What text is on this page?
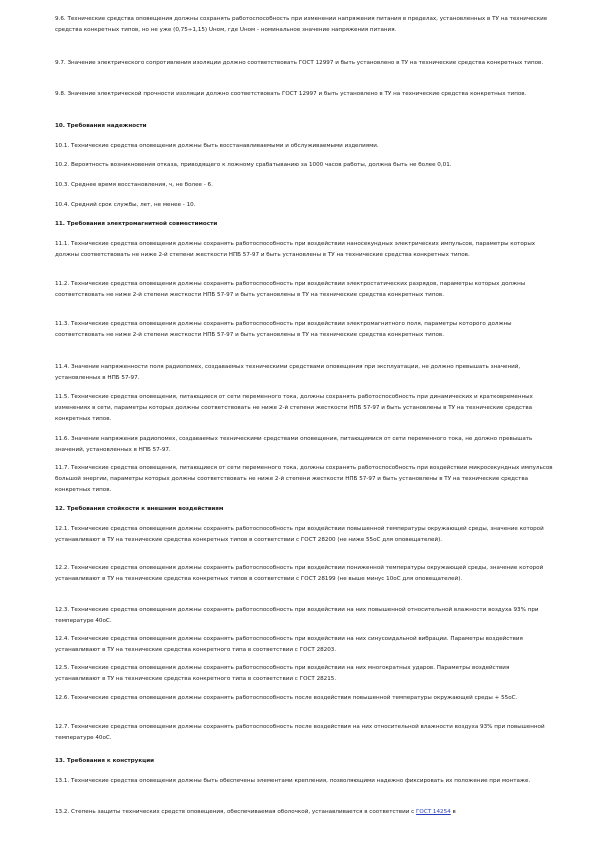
9.6. Технические средства оповещения должны сохранять работоспособность при изменении напряжения питания в пределах, установленных в ТУ на технические средства конкретных типов, но не уже (0,75÷1,15) Uном, где Uном - номинальное значение напряжения питания.
9.7. Значение электрического сопротивления изоляции должно соответствовать ГОСТ 12997 и быть установлено в ТУ на технические средства конкретных типов.
9.8. Значение электрической прочности изоляции должно соответствовать ГОСТ 12997 и быть установлено в ТУ на технические средства конкретных типов.
10. Требования надежности
10.1. Технические средства оповещения должны быть восстанавливаемыми и обслуживаемыми изделиями.
10.2. Вероятность возникновения отказа, приводящего к ложному срабатыванию за 1000 часов работы, должна быть не более 0,01.
10.3. Среднее время восстановления, ч, не более - 6.
10.4. Средний срок службы, лет, не менее - 10.
11. Требования электромагнитной совместимости
11.1. Технические средства оповещения должны сохранять работоспособность при воздействии наносекундных электрических импульсов, параметры которых должны соответствовать не ниже 2-й степени жесткости НПБ 57-97 и быть установлены в ТУ на технические средства конкретных типов.
11.2. Технические средства оповещения должны сохранять работоспособность при воздействии электростатических разрядов, параметры которых должны соответствовать не ниже 2-й степени жесткости НПБ 57-97 и быть установлены в ТУ на технические средства конкретных типов.
11.3. Технические средства оповещения должны сохранять работоспособность при воздействии электромагнитного поля, параметры которого должны соответствовать не ниже 2-й степени жесткости НПБ 57-97 и быть установлены в ТУ на технические средства конкретных типов.
11.4. Значение напряженности поля радиопомех, создаваемых техническими средствами оповещения при эксплуатации, не должно превышать значений, установленных в НПБ 57-97.
11.5. Технические средства оповещения, питающиеся от сети переменного тока, должны сохранять работоспособность при динамических и кратковременных изменениях в сети, параметры которых должны соответствовать не ниже 2-й степени жесткости НПБ 57-97 и быть установлены в ТУ на технические средства конкретных типов.
11.6. Значение напряжения радиопомех, создаваемых техническими средствами оповещения, питающимися от сети переменного тока, не должно превышать значений, установленных в НПБ 57-97.
11.7. Технические средства оповещения, питающиеся от сети переменного тока, должны сохранять работоспособность при воздействии микросекундных импульсов большой энергии, параметры которых должны соответствовать не ниже 2-й степени жесткости НПБ 57-97 и быть установлены в ТУ на технические средства конкретных типов.
12. Требования стойкости к внешним воздействиям
12.1. Технические средства оповещения должны сохранять работоспособность при воздействии повышенной температуры окружающей среды, значение которой устанавливают в ТУ на технические средства конкретных типов в соответствии с ГОСТ 28200 (не ниже 55oC для оповещателей).
12.2. Технические средства оповещения должны сохранять работоспособность при воздействии пониженной температуры окружающей среды, значение которой устанавливают в ТУ на технические средства конкретных типов в соответствии с ГОСТ 28199 (не выше минус 10oC для оповещателей).
12.3. Технические средства оповещения должны сохранять работоспособность при воздействии на них повышенной относительной влажности воздуха 93% при температуре 40oC.
12.4. Технические средства оповещения должны сохранять работоспособность при воздействии на них синусоидальной вибрации. Параметры воздействия устанавливают в ТУ на технические средства конкретного типа в соответствии с ГОСТ 28203.
12.5. Технические средства оповещения должны сохранять работоспособность при воздействии на них многократных ударов. Параметры воздействия устанавливают в ТУ на технические средства конкретного типа в соответствии с ГОСТ 28215.
12.6. Технические средства оповещения должны сохранять работоспособность после воздействия повышенной температуры окружающей среды + 55oC.
12.7. Технические средства оповещения должны сохранять работоспособность после воздействия на них относительной влажности воздуха 93% при повышенной температуре 40oC.
13. Требования к конструкции
13.1. Технические средства оповещения должны быть обеспечены элементами крепления, позволяющими надежно фиксировать их положение при монтаже.
13.2. Степень защиты технических средств оповещения, обеспечиваемая оболочкой, устанавливается в соответствии с ГОСТ 14254 в
